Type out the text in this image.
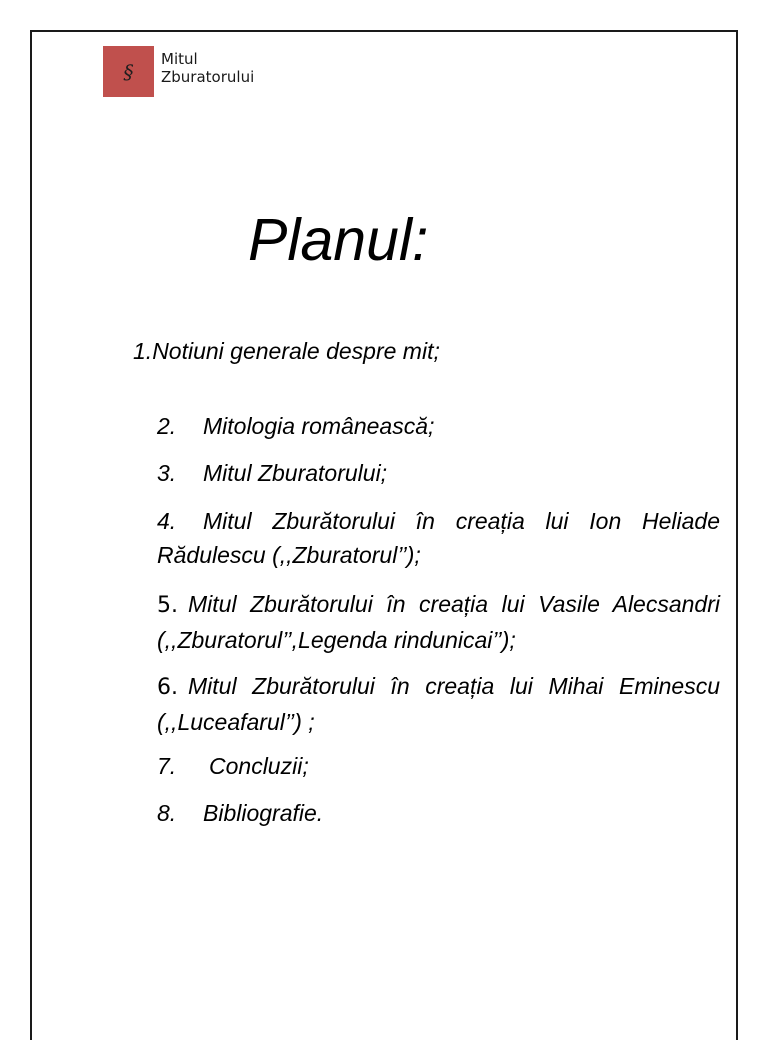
§
Mitul
Zburatorului
Planul:
1.Notiuni generale despre mit;
2. Mitologia românească;
3. Mitul Zburatorului;
4. Mitul Zburătorului în creația lui Ion Heliade Rădulescu (,,Zburatorul’’);
5. Mitul Zburătorului în creația lui Vasile Alecsandri (,,Zburatorul’’,Legenda rindunicai’’);
6. Mitul Zburătorului în creația lui Mihai Eminescu (,,Luceafarul’’) ;
7. Concluzii;
8. Bibliografie.
